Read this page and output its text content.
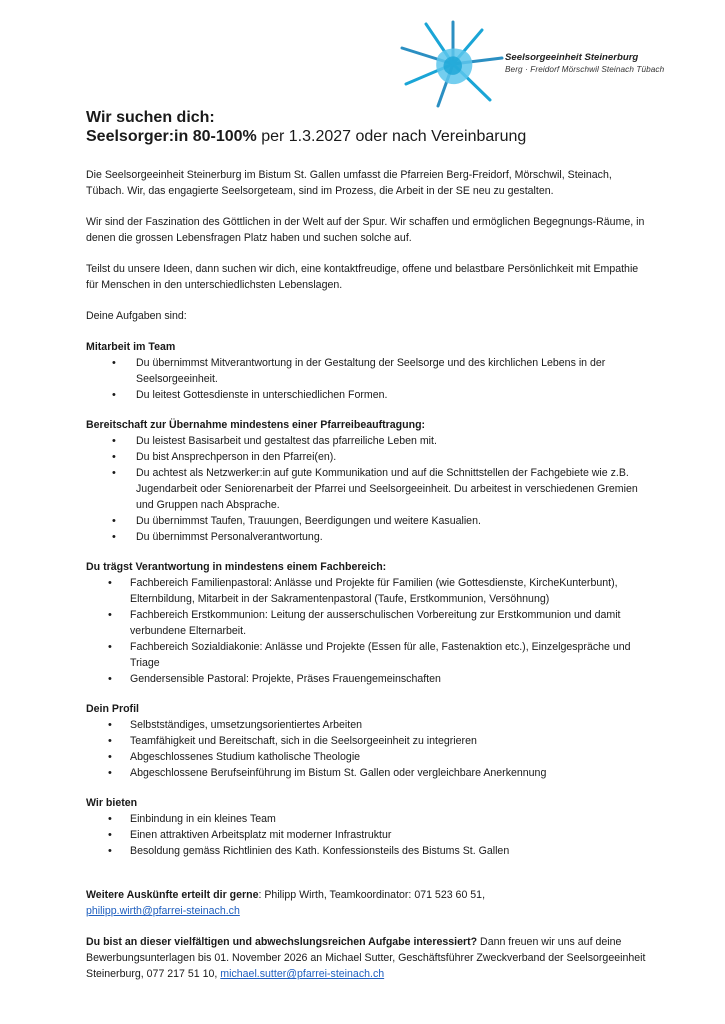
Seelsorgeeinheit Steinerburg
Berg · Freidorf Mörschwil Steinach Tübach
Wir suchen dich:
Seelsorger:in 80-100% per 1.3.2027 oder nach Vereinbarung

Die Seelsorgeeinheit Steinerburg im Bistum St. Gallen umfasst die Pfarreien Berg-Freidorf, Mörschwil, Steinach, Tübach. Wir, das engagierte Seelsorgeteam, sind im Prozess, die Arbeit in der SE neu zu gestalten.

Wir sind der Faszination des Göttlichen in der Welt auf der Spur. Wir schaffen und ermöglichen Begegnungs-Räume, in denen die grossen Lebensfragen Platz haben und suchen solche auf.

Teilst du unsere Ideen, dann suchen wir dich, eine kontaktfreudige, offene und belastbare Persönlichkeit mit Empathie für Menschen in den unterschiedlichsten Lebenslagen.

Deine Aufgaben sind:

Mitarbeit im Team
• Du übernimmst Mitverantwortung in der Gestaltung der Seelsorge und des kirchlichen Lebens in der Seelsorgeeinheit.
• Du leitest Gottesdienste in unterschiedlichen Formen.
Bereitschaft zur Übernahme mindestens einer Pfarreibeauftragung:
• Du leistest Basisarbeit und gestaltest das pfarreiliche Leben mit.
• Du bist Ansprechperson in den Pfarrei(en).
• Du achtest als Netzwerker:in auf gute Kommunikation und auf die Schnittstellen der Fachgebiete wie z.B. Jugendarbeit oder Seniorenarbeit der Pfarrei und Seelsorgeeinheit. Du arbeitest in verschiedenen Gremien und Gruppen nach Absprache.
• Du übernimmst Taufen, Trauungen, Beerdigungen und weitere Kasualien.
• Du übernimmst Personalverantwortung.
Du trägst Verantwortung in mindestens einem Fachbereich:
• Fachbereich Familienpastoral: Anlässe und Projekte für Familien (wie Gottesdienste, KircheKunterbunt), Elternbildung, Mitarbeit in der Sakramentenpastoral (Taufe, Erstkommunion, Versöhnung)
• Fachbereich Erstkommunion: Leitung der ausserschulischen Vorbereitung zur Erstkommunion und damit verbundene Elternarbeit.
• Fachbereich Sozialdiakonie: Anlässe und Projekte (Essen für alle, Fastenaktion etc.), Einzelgespräche und Triage
• Gendersensible Pastoral: Projekte, Präses Frauengemeinschaften
Dein Profil
• Selbstständiges, umsetzungsorientiertes Arbeiten
• Teamfähigkeit und Bereitschaft, sich in die Seelsorgeeinheit zu integrieren
• Abgeschlossenes Studium katholische Theologie
• Abgeschlossene Berufseinführung im Bistum St. Gallen oder vergleichbare Anerkennung
Wir bieten
• Einbindung in ein kleines Team
• Einen attraktiven Arbeitsplatz mit moderner Infrastruktur
• Besoldung gemäss Richtlinien des Kath. Konfessionsteils des Bistums St. Gallen

Weitere Auskünfte erteilt dir gerne: Philipp Wirth, Teamkoordinator: 071 523 60 51,
philipp.wirth@pfarrei-steinach.ch

Du bist an dieser vielfältigen und abwechslungsreichen Aufgabe interessiert? Dann freuen wir uns auf deine Bewerbungsunterlagen bis 01. November 2026 an Michael Sutter, Geschäftsführer Zweckverband der Seelsorgeeinheit Steinerburg, 077 217 51 10, michael.sutter@pfarrei-steinach.ch
